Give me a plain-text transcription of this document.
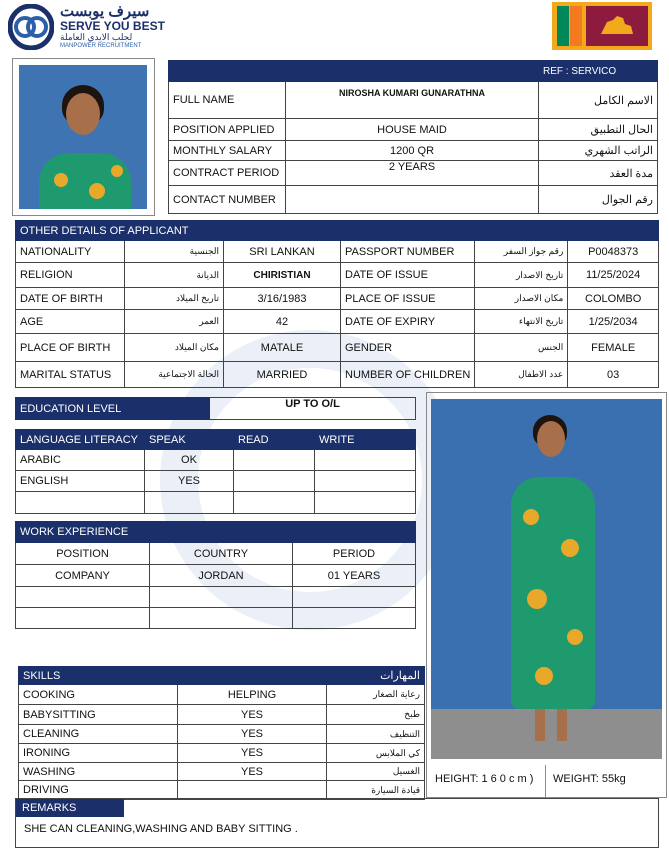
سيرف يوبست
SERVE YOU BEST
لجلب الايدي العاملة
MANPOWER RECRUITMENT
		REF : SERVICO
FULL NAME	NIROSHA KUMARI GUNARATHNA	الاسم الكامل
POSITION APPLIED	HOUSE MAID	الحال التطبيق
MONTHLY SALARY	1200 QR	الراتب الشهري
CONTRACT PERIOD	2 YEARS	مدة العقد
CONTACT NUMBER		رقم الجوال
OTHER DETAILS OF APPLICANT					
NATIONALITY	الجنسية	SRI LANKAN	PASSPORT NUMBER	رقم جواز السفر	P0048373
RELIGION	الديانة	CHIRISTIAN	DATE OF ISSUE	تاريخ الاصدار	11/25/2024
DATE OF BIRTH	تاريخ الميلاد	3/16/1983	PLACE OF ISSUE	مكان الاصدار	COLOMBO
AGE	العمر	42	DATE OF EXPIRY	تاريخ الانتهاء	1/25/2034
PLACE OF BIRTH	مكان الميلاد	MATALE	GENDER	الجنس	FEMALE
MARITAL STATUS	الحالة الاجتماعية	MARRIED	NUMBER OF CHILDREN	عدد الاطفال	03
EDUCATION LEVEL	UP TO O/L
LANGUAGE LITERACY	SPEAK	READ	WRITE
ARABIC	OK		
ENGLISH	YES		

WORK EXPERIENCE		
POSITION	COUNTRY	PERIOD
COMPANY	JORDAN	01 YEARS

HEIGHT: 1 6 0 c m ) WEIGHT: 55kg
SKILLS		المهارات
COOKING	HELPING	رعاية الصغار
BABYSITTING	YES	طبخ
CLEANING	YES	التنظيف
IRONING	YES	كي الملابس
WASHING	YES	الغسيل
DRIVING		قيادة السيارة
REMARKS
SHE CAN CLEANING,WASHING AND BABY SITTING .
